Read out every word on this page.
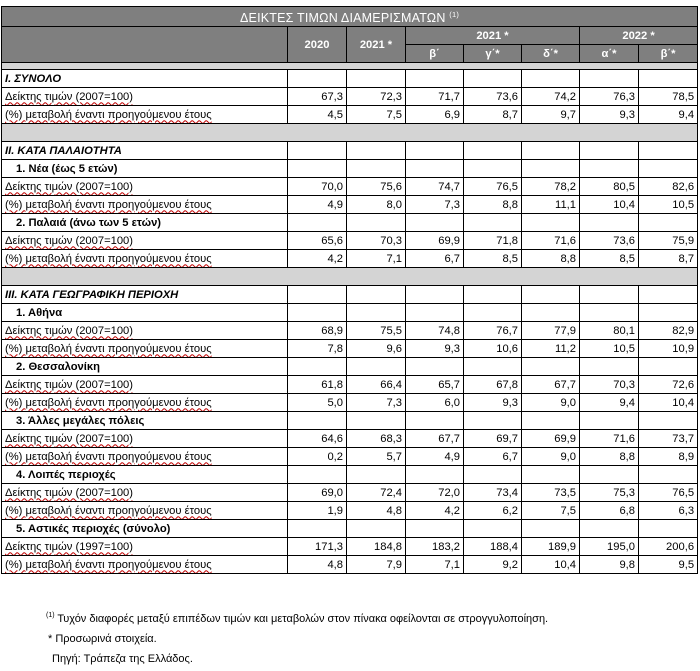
ΔΕΙΚΤΕΣ ΤΙΜΩΝ ΔΙΑΜΕΡΙΣΜΑΤΩΝ $^{(1)}$
	2020	2021 *	2021 *			2022 *	
			β΄	γ΄*	δ΄*	α΄*	β΄*

Ι. ΣΥΝΟΛΟ							
Δείκτης τιμών (2007=100)	67,3	72,3	71,7	73,6	74,2	76,3	78,5
(%) μεταβολή έναντι προηγούμενου έτους	4,5	7,5	6,9	8,7	9,7	9,3	9,4

ΙΙ. ΚΑΤΑ ΠΑΛΑΙΟΤΗΤΑ							
1. Νέα (έως 5 ετών)							
Δείκτης τιμών (2007=100)	70,0	75,6	74,7	76,5	78,2	80,5	82,6
(%) μεταβολή έναντι προηγούμενου έτους	4,9	8,0	7,3	8,8	11,1	10,4	10,5
2. Παλαιά (άνω των 5 ετών)							
Δείκτης τιμών (2007=100)	65,6	70,3	69,9	71,8	71,6	73,6	75,9
(%) μεταβολή έναντι προηγούμενου έτους	4,2	7,1	6,7	8,5	8,8	8,5	8,7

ΙΙΙ. ΚΑΤΑ ΓΕΩΓΡΑΦΙΚΗ ΠΕΡΙΟΧΗ							
1. Αθήνα							
Δείκτης τιμών (2007=100)	68,9	75,5	74,8	76,7	77,9	80,1	82,9
(%) μεταβολή έναντι προηγούμενου έτους	7,8	9,6	9,3	10,6	11,2	10,5	10,9
2. Θεσσαλονίκη							
Δείκτης τιμών (2007=100)	61,8	66,4	65,7	67,8	67,7	70,3	72,6
(%) μεταβολή έναντι προηγούμενου έτους	5,0	7,3	6,0	9,3	9,0	9,4	10,4
3. Άλλες μεγάλες πόλεις							
Δείκτης τιμών (2007=100)	64,6	68,3	67,7	69,7	69,9	71,6	73,7
(%) μεταβολή έναντι προηγούμενου έτους	0,2	5,7	4,9	6,7	9,0	8,8	8,9
4. Λοιπές περιοχές							
Δείκτης τιμών (2007=100)	69,0	72,4	72,0	73,4	73,5	75,3	76,5
(%) μεταβολή έναντι προηγούμενου έτους	1,9	4,8	4,2	6,2	7,5	6,8	6,3
5. Αστικές περιοχές (σύνολο)							
Δείκτης τιμών (1997=100)	171,3	184,8	183,2	188,4	189,9	195,0	200,6
(%) μεταβολή έναντι προηγούμενου έτους	4,8	7,9	7,1	9,2	10,4	9,8	9,5
$^{(1)}$ Τυχόν διαφορές μεταξύ επιπέδων τιμών και μεταβολών στον πίνακα οφείλονται σε στρογγυλοποίηση.
* Προσωρινά στοιχεία.
Πηγή: Τράπεζα της Ελλάδος.
